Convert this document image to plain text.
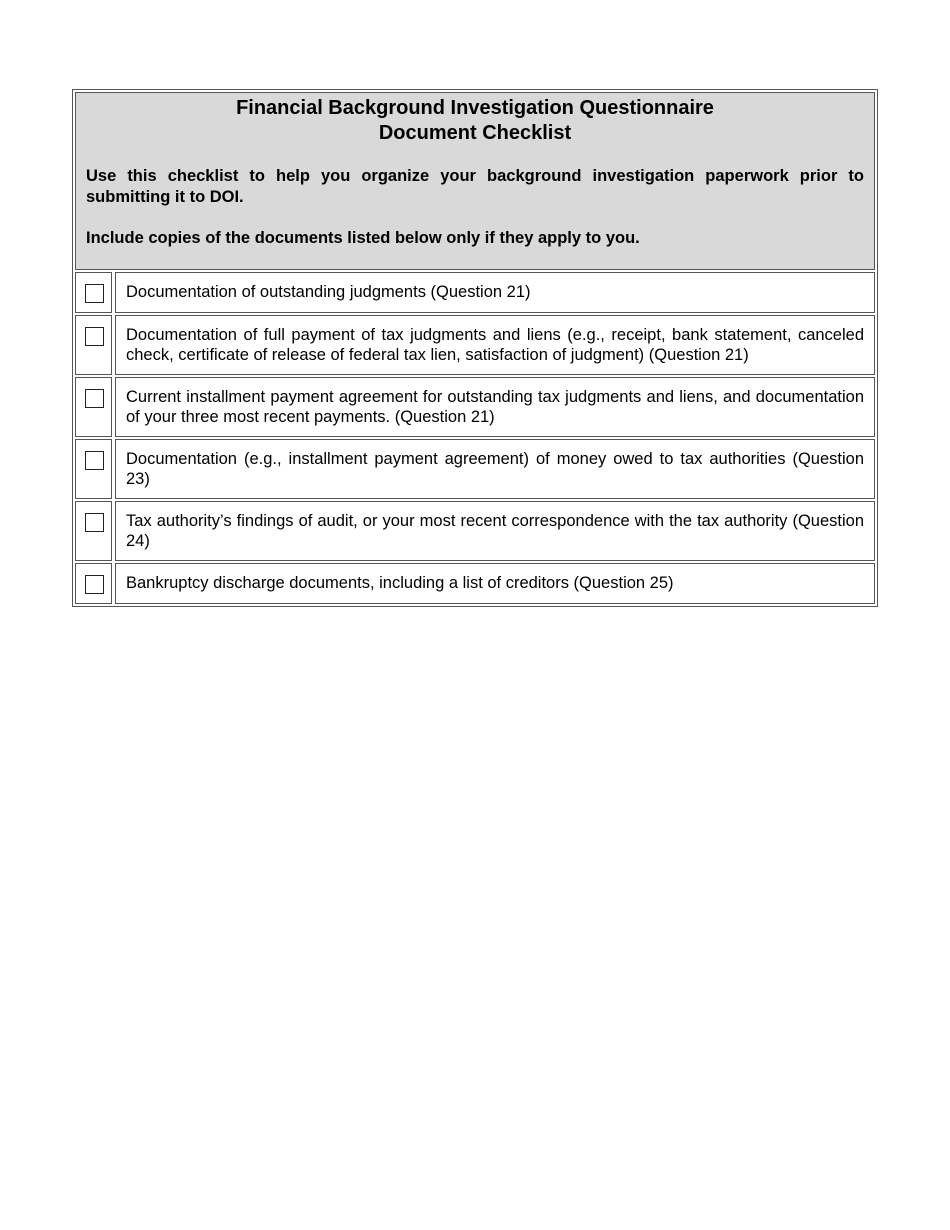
Financial Background Investigation Questionnaire
Document Checklist

Use this checklist to help you organize your background investigation paperwork prior to submitting it to DOI.

Include copies of the documents listed below only if they apply to you.

Documentation of outstanding judgments (Question 21)
Documentation of full payment of tax judgments and liens (e.g., receipt, bank statement, canceled check, certificate of release of federal tax lien, satisfaction of judgment) (Question 21)
Current installment payment agreement for outstanding tax judgments and liens, and documentation of your three most recent payments. (Question 21)
Documentation (e.g., installment payment agreement) of money owed to tax authorities (Question 23)
Tax authority’s findings of audit, or your most recent correspondence with the tax authority (Question 24)
Bankruptcy discharge documents, including a list of creditors (Question 25)
